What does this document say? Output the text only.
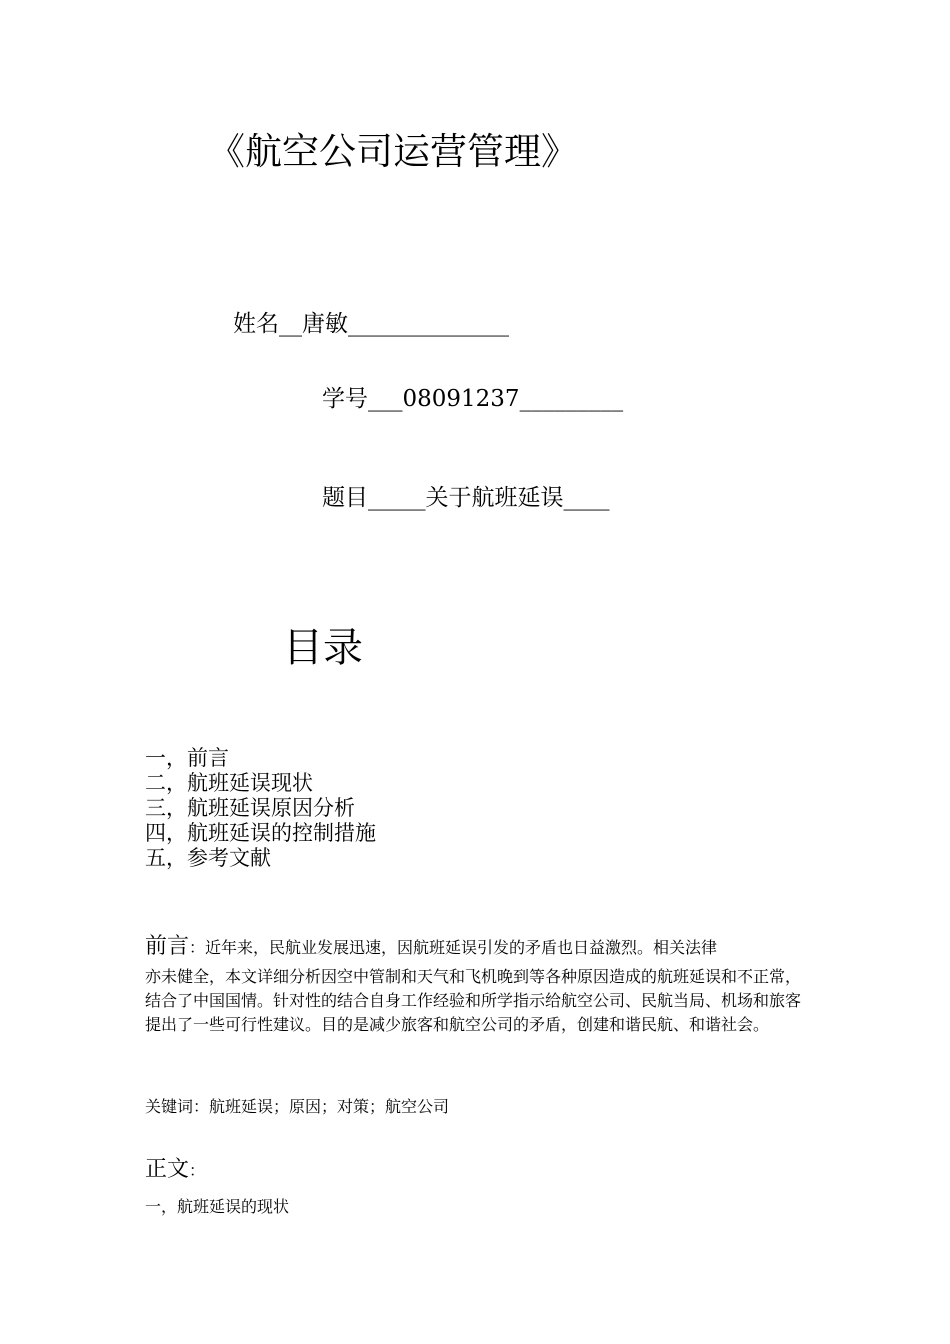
《航空公司运营管理》
姓名__唐敏______________
学号___08091237_________
题目_____关于航班延误____
目录
一，前言
二，航班延误现状
三，航班延误原因分析
四，航班延误的控制措施
五，参考文献

前言：近年来，民航业发展迅速，因航班延误引发的矛盾也日益激烈。相关法律
亦未健全，本文详细分析因空中管制和天气和飞机晚到等各种原因造成的航班延误和不正常，结合了中国国情。针对性的结合自身工作经验和所学指示给航空公司、民航当局、机场和旅客提出了一些可行性建议。目的是减少旅客和航空公司的矛盾，创建和谐民航、和谐社会。

关键词：航班延误；原因；对策；航空公司
正文：
一，航班延误的现状
